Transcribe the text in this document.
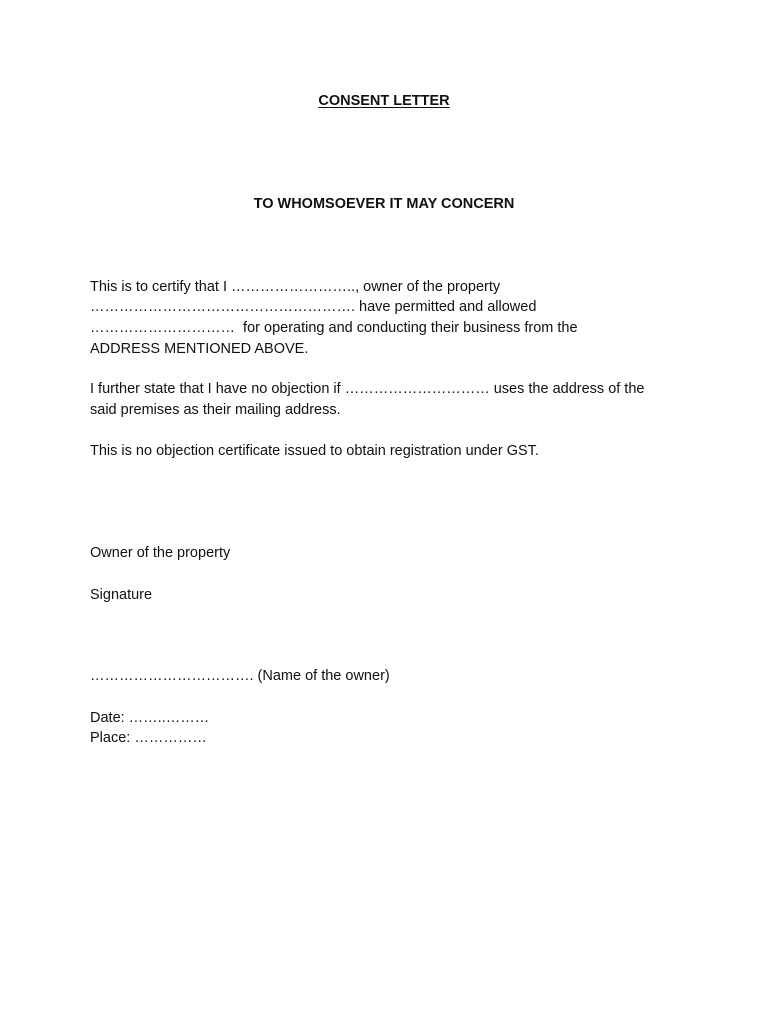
CONSENT LETTER
TO WHOMSOEVER IT MAY CONCERN
This is to certify that I …………………….., owner of the property
………………………………………………. have permitted and allowed
…………………………  for operating and conducting their business from the
ADDRESS MENTIONED ABOVE.
I further state that I have no objection if ………………………… uses the address of the
said premises as their mailing address.
This is no objection certificate issued to obtain registration under GST.
Owner of the property
Signature
……………………………. (Name of the owner)
Date: ……..………
Place: ……………
